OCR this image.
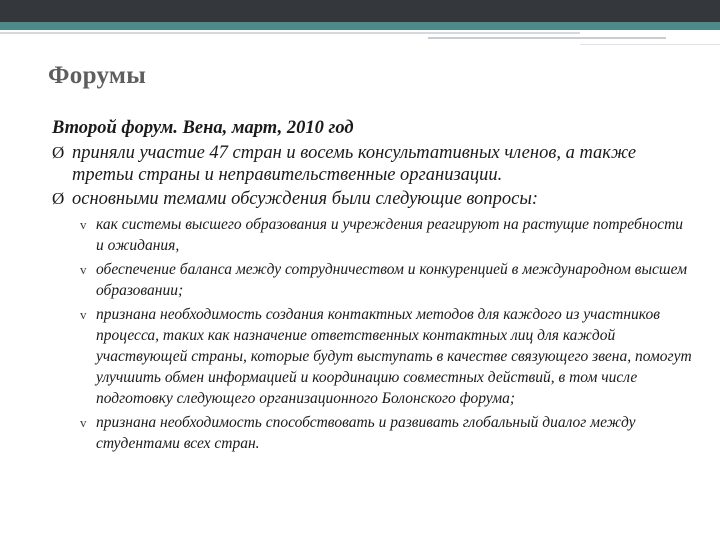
Форумы
Второй форум. Вена, март, 2010 год
Ø приняли участие 47 стран и восемь консультативных членов, а также третьи страны и неправительственные организации.
Ø основными темами обсуждения были следующие вопросы:
v как системы высшего образования и учреждения реагируют на растущие потребности и ожидания,
v обеспечение баланса между сотрудничеством и конкуренцией в международном высшем образовании;
v признана необходимость создания контактных методов для каждого из участников процесса, таких как назначение ответственных контактных лиц для каждой участвующей страны, которые будут выступать в качестве связующего звена, помогут улучшить обмен информацией и координацию совместных действий, в том числе подготовку следующего организационного Болонского форума;
v признана необходимость способствовать и развивать глобальный диалог между студентами всех стран.
